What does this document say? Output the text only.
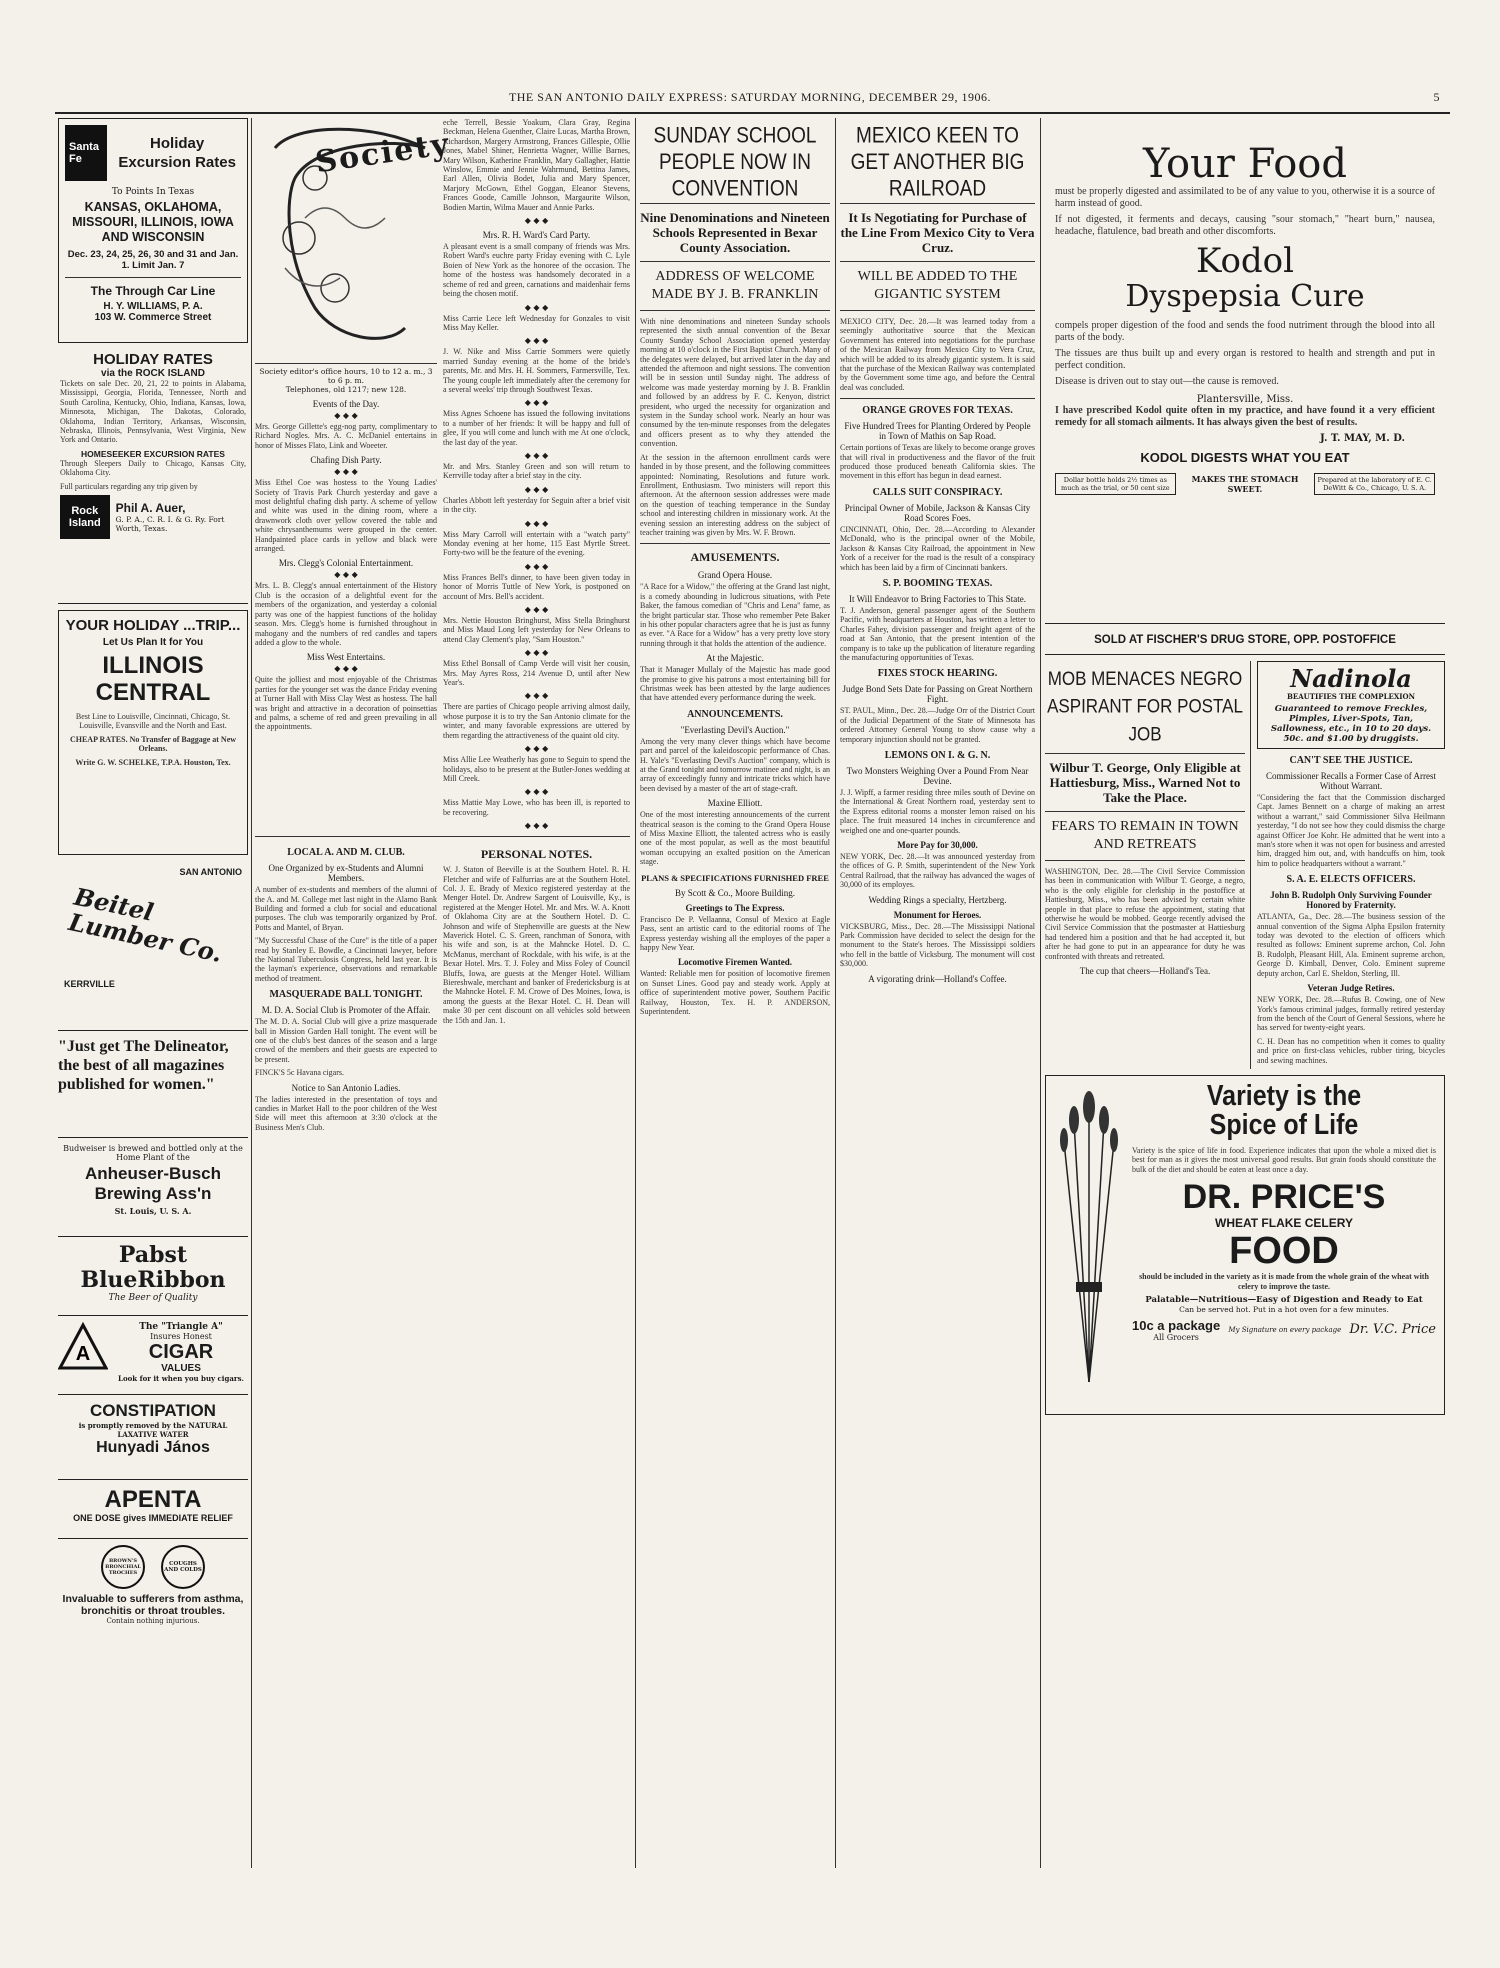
THE SAN ANTONIO DAILY EXPRESS: SATURDAY MORNING, DECEMBER 29, 1906.	5
Santa Fe
Holiday Excursion Rates
To Points In Texas
KANSAS, OKLAHOMA, MISSOURI, ILLINOIS, IOWA AND WISCONSIN
Dec. 23, 24, 25, 26, 30 and 31 and Jan. 1. Limit Jan. 7
The Through Car Line
H. Y. WILLIAMS, P. A.
103 W. Commerce Street
HOLIDAY RATES
via the ROCK ISLAND

Tickets on sale Dec. 20, 21, 22 to points in Alabama, Mississippi, Georgia, Florida, Tennessee, North and South Carolina, Kentucky, Ohio, Indiana, Kansas, Iowa, Minnesota, Michigan, The Dakotas, Colorado, Oklahoma, Indian Territory, Arkansas, Wisconsin, Nebraska, Illinois, Pennsylvania, West Virginia, New York and Ontario.

HOMESEEKER EXCURSION RATES

Through Sleepers Daily to Chicago, Kansas City, Oklahoma City.

Full particulars regarding any trip given by

Rock Island
Phil A. Auer,
G. P. A., C. R. I. & G. Ry. Fort Worth, Texas.
YOUR HOLIDAY ...TRIP...
Let Us Plan It for You
ILLINOIS CENTRAL

Best Line to Louisville, Cincinnati, Chicago, St. Louisville, Evansville and the North and East.

CHEAP RATES. No Transfer of Baggage at New Orleans.

Write G. W. SCHELKE, T.P.A. Houston, Tex.

SAN ANTONIO
Beitel Lumber Co.
KERRVILLE
"Just get The Delineator, the best of all magazines published for women."
Budweiser is brewed and bottled only at the Home Plant of the
Anheuser-Busch Brewing Ass'n
St. Louis, U. S. A.
Pabst BlueRibbon
The Beer of Quality
A
The "Triangle A"
Insures Honest
CIGAR
VALUES
Look for it when you buy cigars.
CONSTIPATION
is promptly removed by the NATURAL LAXATIVE WATER
Hunyadi János
APENTA
ONE DOSE gives IMMEDIATE RELIEF
BROWN'S BRONCHIAL TROCHES
COUGHS AND COLDS
Invaluable to sufferers from asthma, bronchitis or throat troubles.
Contain nothing injurious.
Society
Society editor's office hours, 10 to 12 a. m., 3 to 6 p. m.
Telephones, old 1217; new 128.
Events of the Day.
◆ ◆ ◆

Mrs. George Gillette's egg-nog party, complimentary to Richard Nogles. Mrs. A. C. McDaniel entertains in honor of Misses Flato, Link and Woeeter.

Chafing Dish Party.
◆ ◆ ◆

Miss Ethel Coe was hostess to the Young Ladies' Society of Travis Park Church yesterday and gave a most delightful chafing dish party. A scheme of yellow and white was used in the dining room, where a drawnwork cloth over yellow covered the table and white chrysanthemums were grouped in the center. Handpainted place cards in yellow and black were arranged.

Mrs. Clegg's Colonial Entertainment.
◆ ◆ ◆

Mrs. L. B. Clegg's annual entertainment of the History Club is the occasion of a delightful event for the members of the organization, and yesterday a colonial party was one of the happiest functions of the holiday season. Mrs. Clegg's home is furnished throughout in mahogany and the numbers of red candles and tapers added a glow to the whole.

Miss West Entertains.
◆ ◆ ◆

Quite the jolliest and most enjoyable of the Christmas parties for the younger set was the dance Friday evening at Turner Hall with Miss Clay West as hostess. The hall was bright and attractive in a decoration of poinsettias and palms, a scheme of red and green prevailing in all the appointments.

eche Terrell, Bessie Yoakum, Clara Gray, Regina Beckman, Helena Guenther, Claire Lucas, Martha Brown, Richardson, Margery Armstrong, Frances Gillespie, Ollie Jones, Mabel Shiner, Henrietta Wagner, Willie Barnes, Mary Wilson, Katherine Franklin, Mary Gallagher, Hattie Winslow, Emmie and Jennie Wahrmund, Bettina James, Earl Allen, Olivia Bodet, Julia and Mary Spencer, Marjory McGown, Ethel Goggan, Eleanor Stevens, Frances Goode, Camille Johnson, Margaurite Wilson, Bodien Martin, Wilma Mauer and Annie Parks.

◆ ◆ ◆
Mrs. R. H. Ward's Card Party.

A pleasant event is a small company of friends was Mrs. Robert Ward's euchre party Friday evening with C. Lyle Boien of New York as the honoree of the occasion. The home of the hostess was handsomely decorated in a scheme of red and green, carnations and maidenhair ferns being the chosen motif.

◆ ◆ ◆

Miss Carrie Lece left Wednesday for Gonzales to visit Miss May Keller.

◆ ◆ ◆

J. W. Nike and Miss Carrie Sommers were quietly married Sunday evening at the home of the bride's parents, Mr. and Mrs. H. H. Sommers, Farmersville, Tex. The young couple left immediately after the ceremony for a several weeks' trip through Southwest Texas.

◆ ◆ ◆

Miss Agnes Schoene has issued the following invitations to a number of her friends: It will be happy and full of glee, If you will come and lunch with me At one o'clock, the last day of the year.

◆ ◆ ◆

Mr. and Mrs. Stanley Green and son will return to Kerrville today after a brief stay in the city.

◆ ◆ ◆

Charles Abbott left yesterday for Seguin after a brief visit in the city.

◆ ◆ ◆

Miss Mary Carroll will entertain with a "watch party" Monday evening at her home, 115 East Myrtle Street. Forty-two will be the feature of the evening.

◆ ◆ ◆

Miss Frances Bell's dinner, to have been given today in honor of Morris Tuttle of New York, is postponed on account of Mrs. Bell's accident.

◆ ◆ ◆

Mrs. Nettie Houston Bringhurst, Miss Stella Bringhurst and Miss Maud Long left yesterday for New Orleans to attend Clay Clement's play, "Sam Houston."

◆ ◆ ◆

Miss Ethel Bonsall of Camp Verde will visit her cousin, Mrs. May Ayres Ross, 214 Avenue D, until after New Year's.

◆ ◆ ◆

There are parties of Chicago people arriving almost daily, whose purpose it is to try the San Antonio climate for the winter, and many favorable expressions are uttered by them regarding the attractiveness of the quaint old city.

◆ ◆ ◆

Miss Allie Lee Weatherly has gone to Seguin to spend the holidays, also to be present at the Butler-Jones wedding at Mill Creek.

◆ ◆ ◆

Miss Mattie May Lowe, who has been ill, is reported to be recovering.

◆ ◆ ◆
LOCAL A. AND M. CLUB.
One Organized by ex-Students and Alumni Members.

A number of ex-students and members of the alumni of the A. and M. College met last night in the Alamo Bank Building and formed a club for social and educational purposes. The club was temporarily organized by Prof. Potts and Mantel, of Bryan.

"My Successful Chase of the Cure" is the title of a paper read by Stanley E. Bowdle, a Cincinnati lawyer, before the National Tuberculosis Congress, held last year. It is the layman's experience, observations and remarkable method of treatment.

MASQUERADE BALL TONIGHT.
M. D. A. Social Club is Promoter of the Affair.

The M. D. A. Social Club will give a prize masquerade ball in Mission Garden Hall tonight. The event will be one of the club's best dances of the season and a large crowd of the members and their guests are expected to be present.

FINCK'S 5c Havana cigars.

Notice to San Antonio Ladies.

The ladies interested in the presentation of toys and candies in Market Hall to the poor children of the West Side will meet this afternoon at 3:30 o'clock at the Business Men's Club.

PERSONAL NOTES.

W. J. Staton of Beeville is at the Southern Hotel. R. H. Fletcher and wife of Falfurrias are at the Southern Hotel. Col. J. E. Brady of Mexico registered yesterday at the Menger Hotel. Dr. Andrew Sargent of Louisville, Ky., is registered at the Menger Hotel. Mr. and Mrs. W. A. Knott of Oklahoma City are at the Southern Hotel. D. C. Johnson and wife of Stephenville are guests at the New Maverick Hotel. C. S. Green, ranchman of Sonora, with his wife and son, is at the Mahncke Hotel. D. C. McManus, merchant of Rockdale, with his wife, is at the Bexar Hotel. Mrs. T. J. Foley and Miss Foley of Council Bluffs, Iowa, are guests at the Menger Hotel. William Biereshwale, merchant and banker of Fredericksburg is at the Mahncke Hotel. F. M. Crowe of Des Moines, Iowa, is among the guests at the Bexar Hotel. C. H. Dean will make 30 per cent discount on all vehicles sold between the 15th and Jan. 1.

SUNDAY SCHOOL PEOPLE NOW IN CONVENTION
Nine Denominations and Nineteen Schools Represented in Bexar County Association.
ADDRESS OF WELCOME MADE BY J. B. FRANKLIN

With nine denominations and nineteen Sunday schools represented the sixth annual convention of the Bexar County Sunday School Association opened yesterday morning at 10 o'clock in the First Baptist Church. Many of the delegates were delayed, but arrived later in the day and attended the afternoon and night sessions. The convention will be in session until Sunday night. The address of welcome was made yesterday morning by J. B. Franklin and followed by an address by F. C. Kenyon, district president, who urged the necessity for organization and system in the Sunday school work. Nearly an hour was consumed by the ten-minute responses from the delegates and officers present as to why they attended the convention.

At the session in the afternoon enrollment cards were handed in by those present, and the following committees appointed: Nominating, Resolutions and future work. Enrollment, Enthusiasm. Two ministers will report this afternoon. At the afternoon session addresses were made on the question of teaching temperance in the Sunday school and interesting children in missionary work. At the evening session an interesting address on the subject of teacher training was given by Mrs. W. F. Brown.

AMUSEMENTS.
Grand Opera House.

"A Race for a Widow," the offering at the Grand last night, is a comedy abounding in ludicrous situations, with Pete Baker, the famous comedian of "Chris and Lena" fame, as the bright particular star. Those who remember Pete Baker in his other popular characters agree that he is just as funny as ever. "A Race for a Widow" has a very pretty love story running through it that holds the attention of the audience.

At the Majestic.

That it Manager Mullaly of the Majestic has made good the promise to give his patrons a most entertaining bill for Christmas week has been attested by the large audiences that have attended every performance during the week.

ANNOUNCEMENTS.
"Everlasting Devil's Auction."

Among the very many clever things which have become part and parcel of the kaleidoscopic performance of Chas. H. Yale's "Everlasting Devil's Auction" company, which is at the Grand tonight and tomorrow matinee and night, is an array of exceedingly funny and intricate tricks which have been devised by a master of the art of stage-craft.

Maxine Elliott.

One of the most interesting announcements of the current theatrical season is the coming to the Grand Opera House of Miss Maxine Elliott, the talented actress who is easily one of the most popular, as well as the most beautiful woman occupying an exalted position on the American stage.

PLANS & SPECIFICATIONS FURNISHED FREE
By Scott & Co., Moore Building.
Greetings to The Express.

Francisco De P. Vellaanna, Consul of Mexico at Eagle Pass, sent an artistic card to the editorial rooms of The Express yesterday wishing all the employes of the paper a happy New Year.

Locomotive Firemen Wanted.

Wanted: Reliable men for position of locomotive firemen on Sunset Lines. Good pay and steady work. Apply at office of superintendent motive power, Southern Pacific Railway, Houston, Tex. H. P. ANDERSON, Superintendent.

MEXICO KEEN TO GET ANOTHER BIG RAILROAD
It Is Negotiating for Purchase of the Line From Mexico City to Vera Cruz.
WILL BE ADDED TO THE GIGANTIC SYSTEM

MEXICO CITY, Dec. 28.—It was learned today from a seemingly authoritative source that the Mexican Government has entered into negotiations for the purchase of the Mexican Railway from Mexico City to Vera Cruz, which will be added to its already gigantic system. It is said that the purchase of the Mexican Railway was contemplated by the Government some time ago, and before the Central deal was concluded.

ORANGE GROVES FOR TEXAS.
Five Hundred Trees for Planting Ordered by People in Town of Mathis on Sap Road.

Certain portions of Texas are likely to become orange groves that will rival in productiveness and the flavor of the fruit produced those produced beneath California skies. The movement in this effort has begun in dead earnest.

CALLS SUIT CONSPIRACY.
Principal Owner of Mobile, Jackson & Kansas City Road Scores Foes.

CINCINNATI, Ohio, Dec. 28.—According to Alexander McDonald, who is the principal owner of the Mobile, Jackson & Kansas City Railroad, the appointment in New York of a receiver for the road is the result of a conspiracy which has been laid by a firm of Cincinnati bankers.

S. P. BOOMING TEXAS.
It Will Endeavor to Bring Factories to This State.

T. J. Anderson, general passenger agent of the Southern Pacific, with headquarters at Houston, has written a letter to Charles Fahey, division passenger and freight agent of the road at San Antonio, that the present intention of the company is to take up the publication of literature regarding the manufacturing opportunities of Texas.

FIXES STOCK HEARING.
Judge Bond Sets Date for Passing on Great Northern Fight.

ST. PAUL, Minn., Dec. 28.—Judge Orr of the District Court of the Judicial Department of the State of Minnesota has ordered Attorney General Young to show cause why a temporary injunction should not be granted.

LEMONS ON I. & G. N.
Two Monsters Weighing Over a Pound From Near Devine.

J. J. Wipff, a farmer residing three miles south of Devine on the International & Great Northern road, yesterday sent to the Express editorial rooms a monster lemon raised on his place. The fruit measured 14 inches in circumference and weighed one and one-quarter pounds.

More Pay for 30,000.

NEW YORK, Dec. 28.—It was announced yesterday from the offices of G. P. Smith, superintendent of the New York Central Railroad, that the railway has advanced the wages of 30,000 of its employes.

Wedding Rings a specialty, Hertzberg.
Monument for Heroes.

VICKSBURG, Miss., Dec. 28.—The Mississippi National Park Commission have decided to select the design for the monument to the State's heroes. The Mississippi soldiers who fell in the battle of Vicksburg. The monument will cost $30,000.

A vigorating drink—Holland's Coffee.
Your Food

must be properly digested and assimilated to be of any value to you, otherwise it is a source of harm instead of good.

If not digested, it ferments and decays, causing "sour stomach," "heart burn," nausea, headache, flatulence, bad breath and other discomforts.

Kodol
Dyspepsia Cure

compels proper digestion of the food and sends the food nutriment through the blood into all parts of the body.

The tissues are thus built up and every organ is restored to health and strength and put in perfect condition.

Disease is driven out to stay out—the cause is removed.

Plantersville, Miss.

I have prescribed Kodol quite often in my practice, and have found it a very efficient remedy for all stomach ailments. It has always given the best of results.

J. T. MAY, M. D.
KODOL DIGESTS WHAT YOU EAT
Dollar bottle holds 2½ times as much as the trial, or 50 cent size
MAKES THE STOMACH SWEET.
Prepared at the laboratory of E. C. DeWitt & Co., Chicago, U. S. A.
SOLD AT FISCHER'S DRUG STORE, OPP. POSTOFFICE
MOB MENACES NEGRO ASPIRANT FOR POSTAL JOB
Wilbur T. George, Only Eligible at Hattiesburg, Miss., Warned Not to Take the Place.
FEARS TO REMAIN IN TOWN AND RETREATS

WASHINGTON, Dec. 28.—The Civil Service Commission has been in communication with Wilbur T. George, a negro, who is the only eligible for clerkship in the postoffice at Hattiesburg, Miss., who has been advised by certain white people in that place to refuse the appointment, stating that otherwise he would be mobbed. George recently advised the Civil Service Commission that the postmaster at Hattiesburg had tendered him a position and that he had accepted it, but after he had gone to put in an appearance for duty he was confronted with threats and retreated.

The cup that cheers—Holland's Tea.
Nadinola
BEAUTIFIES THE COMPLEXION
Guaranteed to remove Freckles, Pimples, Liver-Spots, Tan, Sallowness, etc., in 10 to 20 days. 50c. and $1.00 by druggists.
CAN'T SEE THE JUSTICE.
Commissioner Recalls a Former Case of Arrest Without Warrant.

"Considering the fact that the Commission discharged Capt. James Bennett on a charge of making an arrest without a warrant," said Commissioner Silva Heilmann yesterday, "I do not see how they could dismiss the charge against Officer Joe Kohr. He admitted that he went into a man's store when it was not open for business and arrested him, dragged him out, and, with handcuffs on him, took him to police headquarters without a warrant."

S. A. E. ELECTS OFFICERS.
John B. Rudolph Only Surviving Founder Honored by Fraternity.

ATLANTA, Ga., Dec. 28.—The business session of the annual convention of the Sigma Alpha Epsilon fraternity today was devoted to the election of officers which resulted as follows: Eminent supreme archon, Col. John B. Rudolph, Pleasant Hill, Ala. Eminent supreme archon, George D. Kimball, Denver, Colo. Eminent supreme deputy archon, Carl E. Sheldon, Sterling, Ill.

Veteran Judge Retires.

NEW YORK, Dec. 28.—Rufus B. Cowing, one of New York's famous criminal judges, formally retired yesterday from the bench of the Court of General Sessions, where he has served for twenty-eight years.

C. H. Dean has no competition when it comes to quality and price on first-class vehicles, rubber tiring, bicycles and sewing machines.

Variety is the
Spice of Life

Variety is the spice of life in food. Experience indicates that upon the whole a mixed diet is best for man as it gives the most universal good results. But grain foods should constitute the bulk of the diet and should be eaten at least once a day.

DR. PRICE'S
WHEAT FLAKE CELERY
FOOD

should be included in the variety as it is made from the whole grain of the wheat with celery to improve the taste.

Palatable—Nutritious—Easy of Digestion and Ready to Eat
Can be served hot. Put in a hot oven for a few minutes.
10c a package
All Grocers
My Signature on every package Dr. V.C. Price
